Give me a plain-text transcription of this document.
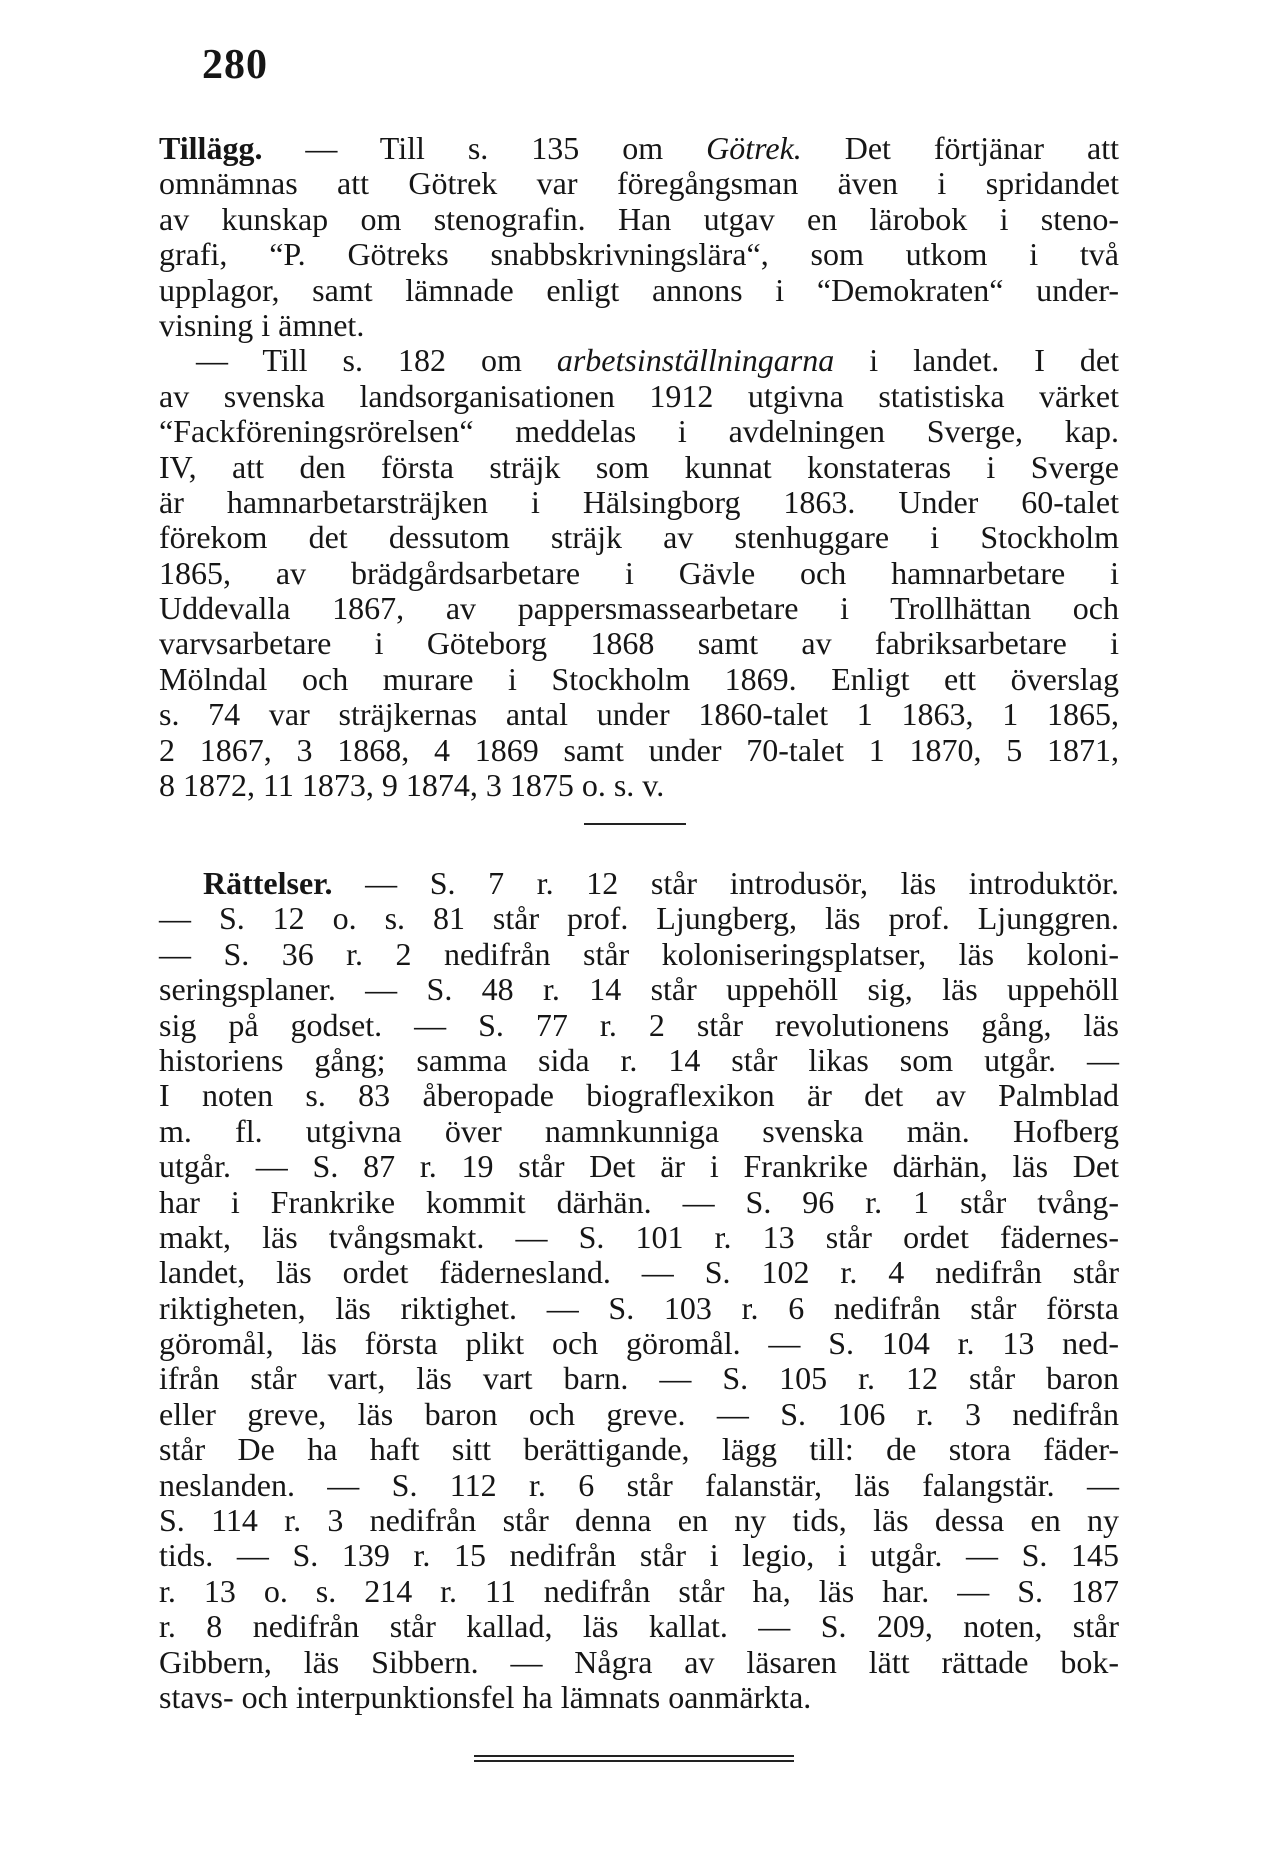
280
Tillägg. — Till s. 135 om Götrek. Det förtjänar att
omnämnas att Götrek var föregångsman även i spridandet
av kunskap om stenografin. Han utgav en lärobok i steno-
grafi, “P. Götreks snabbskrivningslära“, som utkom i två
upplagor, samt lämnade enligt annons i “Demokraten“ under-
visning i ämnet.
— Till s. 182 om arbetsinställningarna i landet. I det
av svenska landsorganisationen 1912 utgivna statistiska värket
“Fackföreningsrörelsen“ meddelas i avdelningen Sverge, kap.
IV, att den första sträjk som kunnat konstateras i Sverge
är hamnarbetarsträjken i Hälsingborg 1863. Under 60-talet
förekom det dessutom sträjk av stenhuggare i Stockholm
1865, av brädgårdsarbetare i Gävle och hamnarbetare i
Uddevalla 1867, av pappersmassearbetare i Trollhättan och
varvsarbetare i Göteborg 1868 samt av fabriksarbetare i
Mölndal och murare i Stockholm 1869. Enligt ett överslag
s. 74 var sträjkernas antal under 1860-talet 1 1863, 1 1865,
2 1867, 3 1868, 4 1869 samt under 70-talet 1 1870, 5 1871,
8 1872, 11 1873, 9 1874, 3 1875 o. s. v.
Rättelser. — S. 7 r. 12 står introdusör, läs introduktör.
— S. 12 o. s. 81 står prof. Ljungberg, läs prof. Ljunggren.
— S. 36 r. 2 nedifrån står koloniseringsplatser, läs koloni-
seringsplaner. — S. 48 r. 14 står uppehöll sig, läs uppehöll
sig på godset. — S. 77 r. 2 står revolutionens gång, läs
historiens gång; samma sida r. 14 står likas som utgår. —
I noten s. 83 åberopade biograflexikon är det av Palmblad
m. fl. utgivna över namnkunniga svenska män. Hofberg
utgår. — S. 87 r. 19 står Det är i Frankrike därhän, läs Det
har i Frankrike kommit därhän. — S. 96 r. 1 står tvång-
makt, läs tvångsmakt. — S. 101 r. 13 står ordet fädernes-
landet, läs ordet fädernesland. — S. 102 r. 4 nedifrån står
riktigheten, läs riktighet. — S. 103 r. 6 nedifrån står första
göromål, läs första plikt och göromål. — S. 104 r. 13 ned-
ifrån står vart, läs vart barn. — S. 105 r. 12 står baron
eller greve, läs baron och greve. — S. 106 r. 3 nedifrån
står De ha haft sitt berättigande, lägg till: de stora fäder-
neslanden. — S. 112 r. 6 står falanstär, läs falangstär. —
S. 114 r. 3 nedifrån står denna en ny tids, läs dessa en ny
tids. — S. 139 r. 15 nedifrån står i legio, i utgår. — S. 145
r. 13 o. s. 214 r. 11 nedifrån står ha, läs har. — S. 187
r. 8 nedifrån står kallad, läs kallat. — S. 209, noten, står
Gibbern, läs Sibbern. — Några av läsaren lätt rättade bok-
stavs- och interpunktionsfel ha lämnats oanmärkta.
